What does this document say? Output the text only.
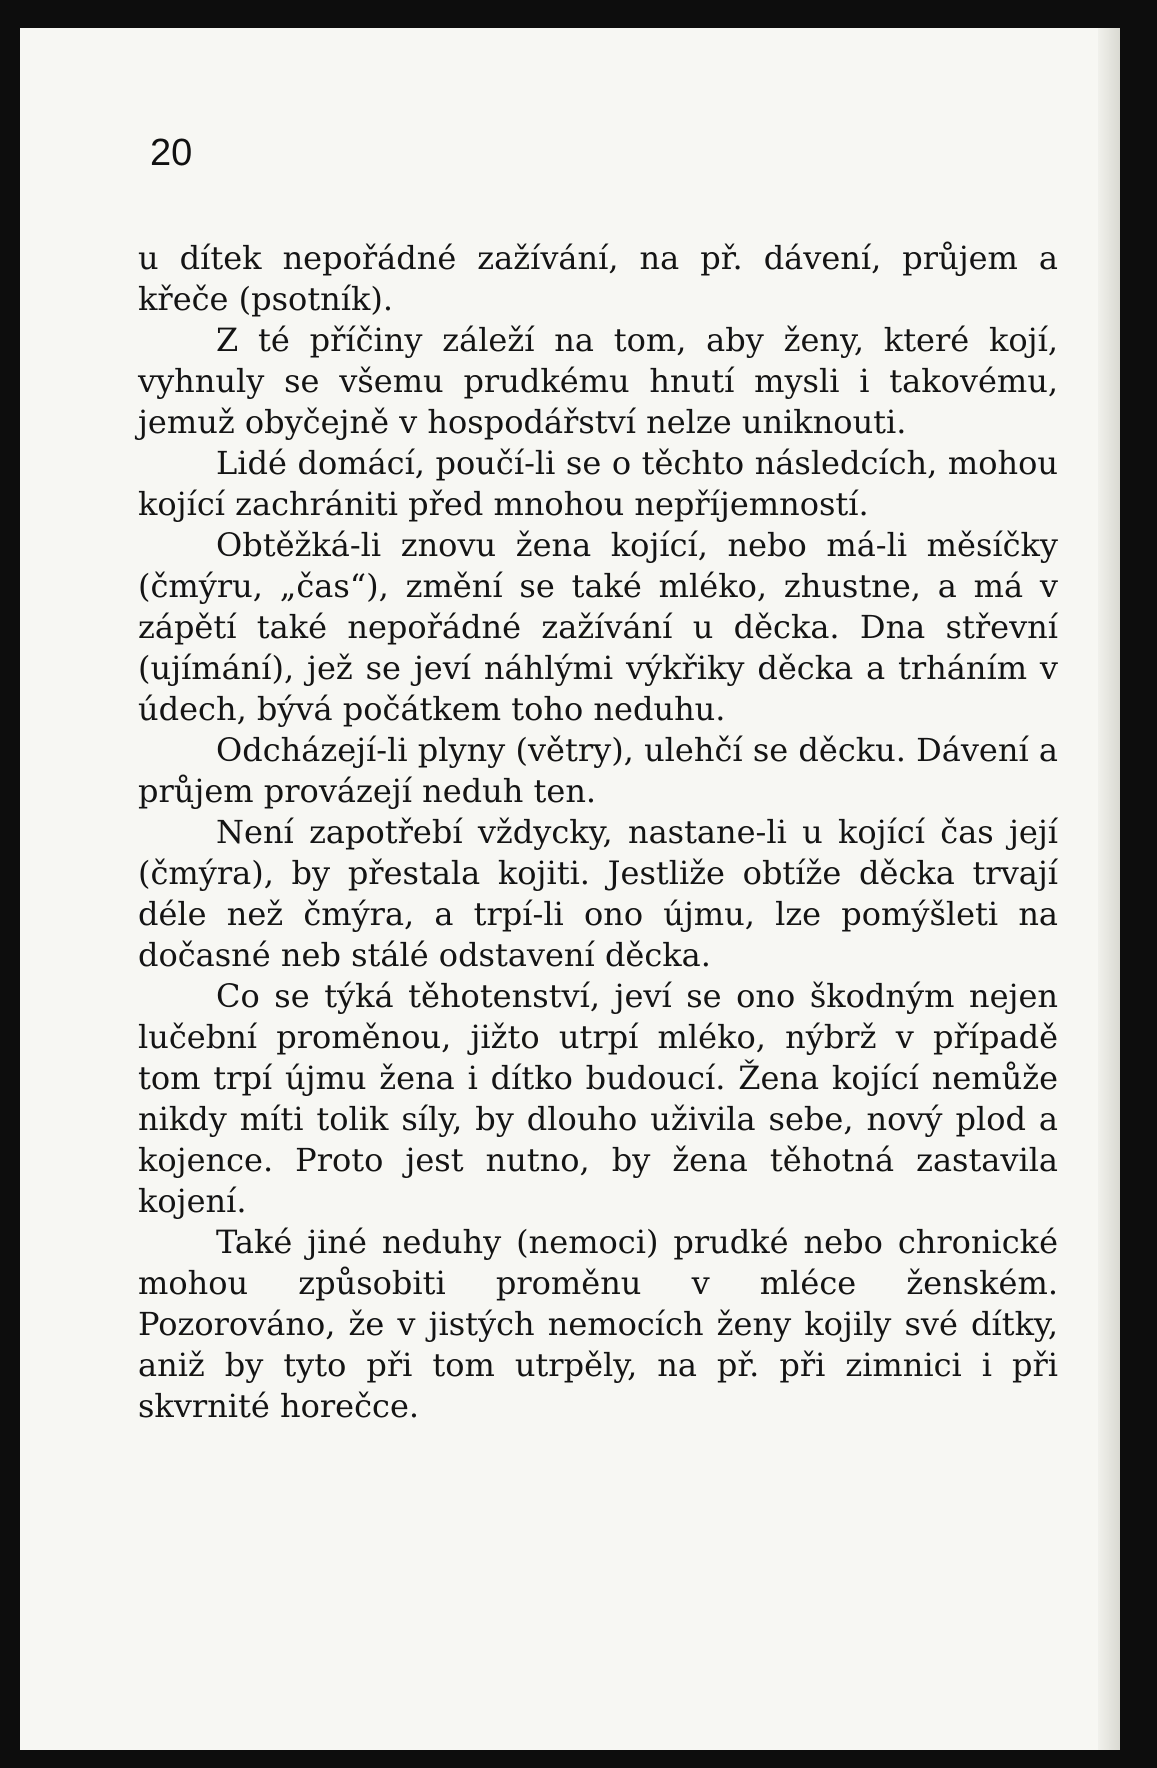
20

u dítek nepořádné zažívání, na př. dávení, průjem a křeče (psotník).

Z té příčiny záleží na tom, aby ženy, které kojí, vyhnuly se všemu prudkému hnutí mysli i takovému, jemuž obyčejně v hospodářství nelze uniknouti.

Lidé domácí, poučí-li se o těchto následcích, mohou kojící zachrániti před mnohou nepříjemností.

Obtěžká-li znovu žena kojící, nebo má-li měsíčky (čmýru, „čas“), změní se také mléko, zhustne, a má v zápětí také nepořádné zažívání u děcka. Dna střevní (ujímání), jež se jeví náhlými výkřiky děcka a trháním v údech, bývá počátkem toho neduhu.

Odcházejí-li plyny (větry), ulehčí se děcku. Dávení a průjem provázejí neduh ten.

Není zapotřebí vždycky, nastane-li u kojící čas její (čmýra), by přestala kojiti. Jestliže obtíže děcka trvají déle než čmýra, a trpí-li ono újmu, lze pomýšleti na dočasné neb stálé odstavení děcka.

Co se týká těhotenství, jeví se ono škodným nejen lučební proměnou, jižto utrpí mléko, nýbrž v případě tom trpí újmu žena i dítko budoucí. Žena kojící nemůže nikdy míti tolik síly, by dlouho uživila sebe, nový plod a kojence. Proto jest nutno, by žena těhotná zastavila kojení.

Také jiné neduhy (nemoci) prudké nebo chronické mohou způsobiti proměnu v mléce ženském. Pozorováno, že v jistých nemocích ženy kojily své dítky, aniž by tyto při tom utrpěly, na př. při zimnici i při skvrnité horečce.
